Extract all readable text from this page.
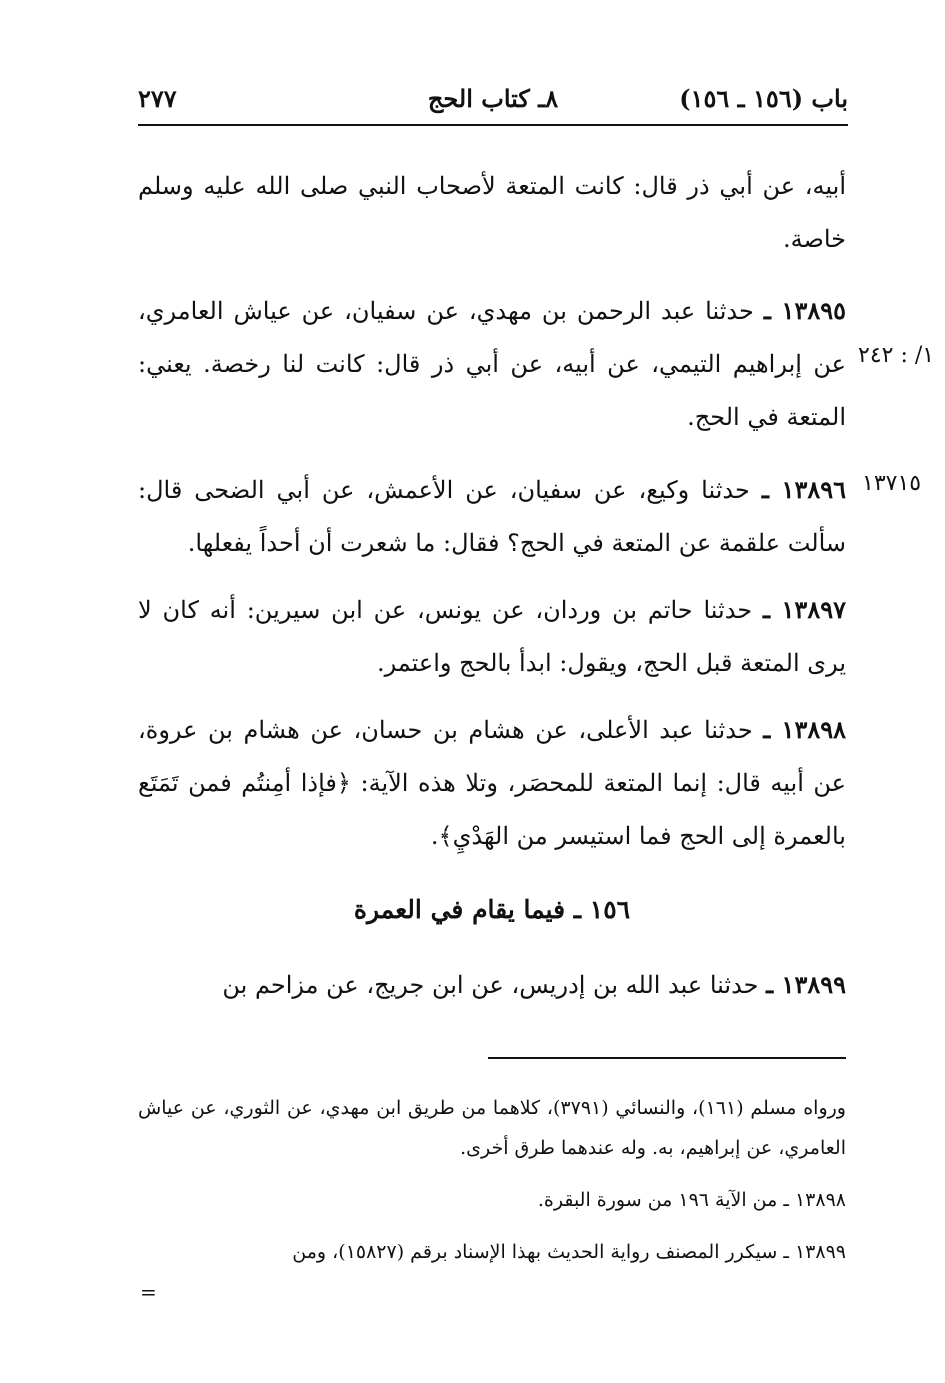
باب (١٥٦ ـ ١٥٦)
٨ـ كتاب الحج
٢٧٧
أبيه، عن أبي ذر قال: كانت المتعة لأصحاب النبي صلى الله عليه وسلم خاصة.
١٣٨٩٥ ـ حدثنا عبد الرحمن بن مهدي، عن سفيان، عن عياش العامري، عن إبراهيم التيمي، عن أبيه، عن أبي ذر قال: كانت لنا رخصة. يعني: المتعة في الحج.
١٣٨٩٦ ـ حدثنا وكيع، عن سفيان، عن الأعمش، عن أبي الضحى قال: سألت علقمة عن المتعة في الحج؟ فقال: ما شعرت أن أحداً يفعلها.
١٣٨٩٧ ـ حدثنا حاتم بن وردان، عن يونس، عن ابن سيرين: أنه كان لا يرى المتعة قبل الحج، ويقول: ابدأ بالحج واعتمر.
١٣٨٩٨ ـ حدثنا عبد الأعلى، عن هشام بن حسان، عن هشام بن عروة، عن أبيه قال: إنما المتعة للمحصَر، وتلا هذه الآية: ﴿فإذا أمِنتُم فمن تَمَتَع بالعمرة إلى الحج فما استيسر من الهَدْيِ﴾.
١٥٦ ـ فيما يقام في العمرة
١٣٨٩٩ ـ حدثنا عبد الله بن إدريس، عن ابن جريج، عن مزاحم بن
١/ : ٢٤٢
١٣٧١٥
ورواه مسلم (١٦١)، والنسائي (٣٧٩١)، كلاهما من طريق ابن مهدي، عن الثوري، عن عياش العامري، عن إبراهيم، به. وله عندهما طرق أخرى.
١٣٨٩٨ ـ من الآية ١٩٦ من سورة البقرة.
١٣٨٩٩ ـ سيكرر المصنف رواية الحديث بهذا الإسناد برقم (١٥٨٢٧)، ومن
=
